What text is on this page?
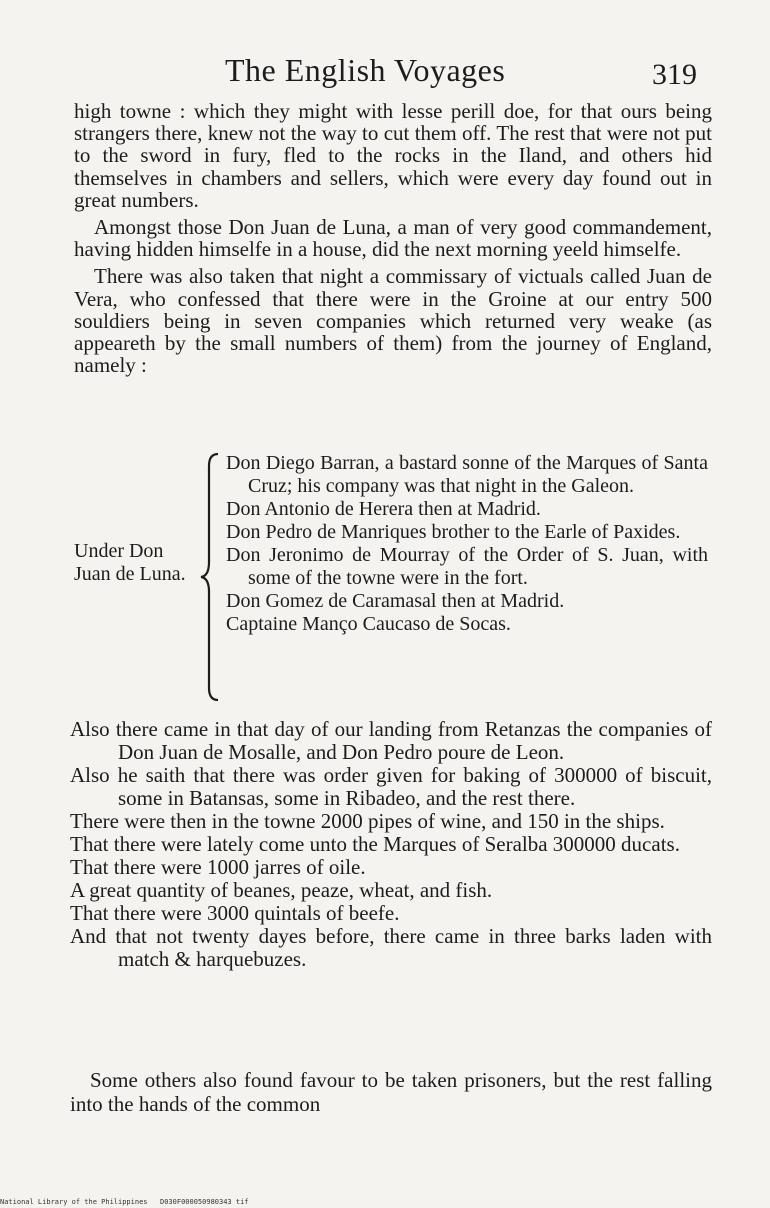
The English Voyages	319

high towne : which they might with lesse perill doe, for that ours being strangers there, knew not the way to cut them off. The rest that were not put to the sword in fury, fled to the rocks in the Iland, and others hid themselves in chambers and sellers, which were every day found out in great numbers.

Amongst those Don Juan de Luna, a man of very good commandement, having hidden himselfe in a house, did the next morning yeeld himselfe.

There was also taken that night a commissary of victuals called Juan de Vera, who confessed that there were in the Groine at our entry 500 souldiers being in seven companies which returned very weake (as appeareth by the small numbers of them) from the journey of England, namely :

Under Don Juan de Luna.
Don Diego Barran, a bastard sonne of the Marques of Santa Cruz; his company was that night in the Galeon.
Don Antonio de Herera then at Madrid.
Don Pedro de Manriques brother to the Earle of Paxides.
Don Jeronimo de Mourray of the Order of S. Juan, with some of the towne were in the fort.
Don Gomez de Caramasal then at Madrid.
Captaine Manço Caucaso de Socas.
Also there came in that day of our landing from Retanzas the companies of Don Juan de Mosalle, and Don Pedro poure de Leon.
Also he saith that there was order given for baking of 300000 of biscuit, some in Batansas, some in Ribadeo, and the rest there.
There were then in the towne 2000 pipes of wine, and 150 in the ships.
That there were lately come unto the Marques of Seralba 300000 ducats.
That there were 1000 jarres of oile.
A great quantity of beanes, peaze, wheat, and fish.
That there were 3000 quintals of beefe.
And that not twenty dayes before, there came in three barks laden with match & harquebuzes.

Some others also found favour to be taken prisoners, but the rest falling into the hands of the common

National Library of the Philippines D030F000050980343 tif
